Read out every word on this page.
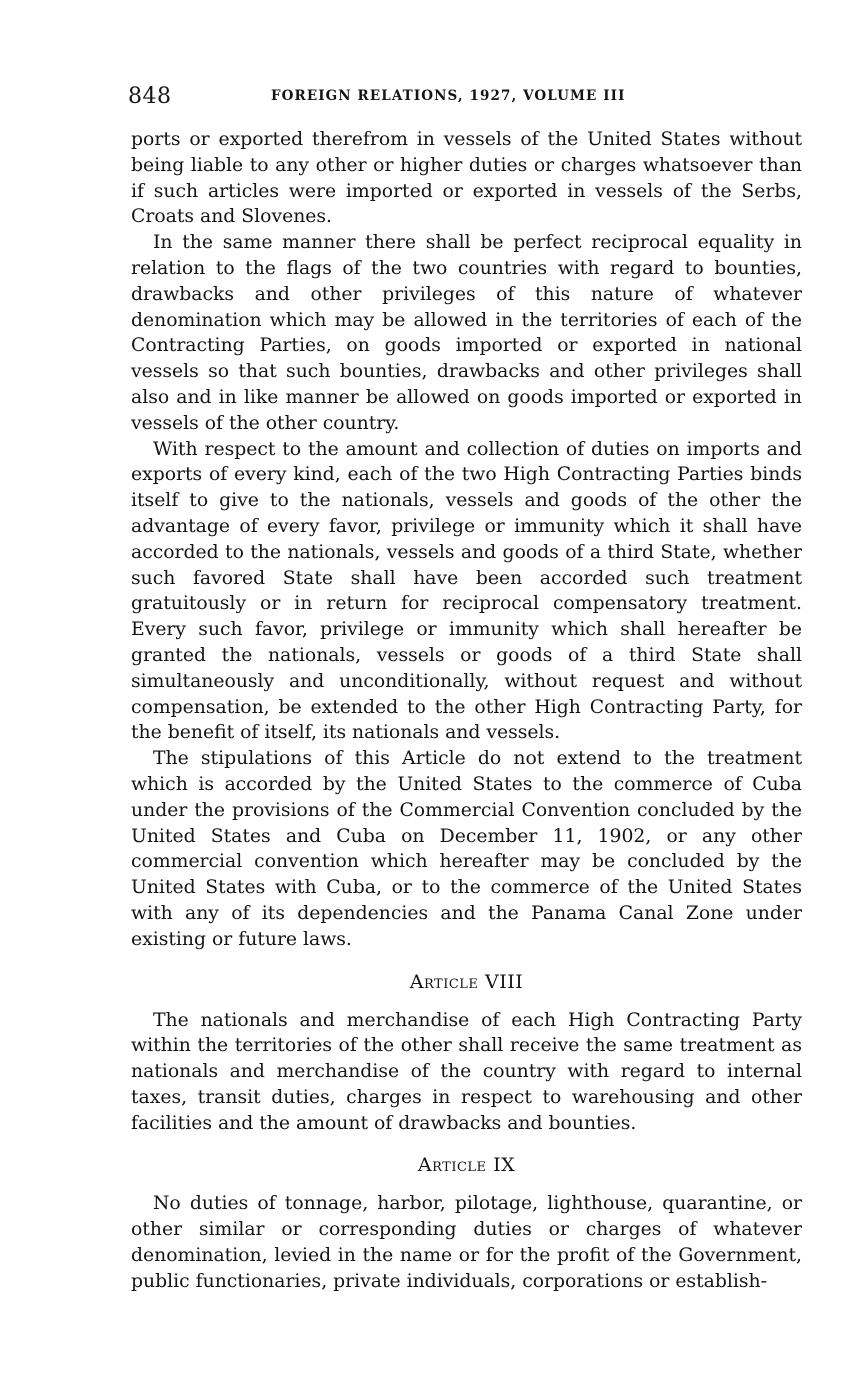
848	FOREIGN RELATIONS, 1927, VOLUME III

ports or exported therefrom in vessels of the United States without being liable to any other or higher duties or charges whatsoever than if such articles were imported or exported in vessels of the Serbs, Croats and Slovenes.

In the same manner there shall be perfect reciprocal equality in relation to the flags of the two countries with regard to bounties, drawbacks and other privileges of this nature of whatever denomination which may be allowed in the territories of each of the Contracting Parties, on goods imported or exported in national vessels so that such bounties, drawbacks and other privileges shall also and in like manner be allowed on goods imported or exported in vessels of the other country.

With respect to the amount and collection of duties on imports and exports of every kind, each of the two High Contracting Parties binds itself to give to the nationals, vessels and goods of the other the advantage of every favor, privilege or immunity which it shall have accorded to the nationals, vessels and goods of a third State, whether such favored State shall have been accorded such treatment gratuitously or in return for reciprocal compensatory treatment. Every such favor, privilege or immunity which shall hereafter be granted the nationals, vessels or goods of a third State shall simultaneously and unconditionally, without request and without compensation, be extended to the other High Contracting Party, for the benefit of itself, its nationals and vessels.

The stipulations of this Article do not extend to the treatment which is accorded by the United States to the commerce of Cuba under the provisions of the Commercial Convention concluded by the United States and Cuba on December 11, 1902, or any other commercial convention which hereafter may be concluded by the United States with Cuba, or to the commerce of the United States with any of its dependencies and the Panama Canal Zone under existing or future laws.

Article VIII

The nationals and merchandise of each High Contracting Party within the territories of the other shall receive the same treatment as nationals and merchandise of the country with regard to internal taxes, transit duties, charges in respect to warehousing and other facilities and the amount of drawbacks and bounties.

Article IX

No duties of tonnage, harbor, pilotage, lighthouse, quarantine, or other similar or corresponding duties or charges of whatever denomination, levied in the name or for the profit of the Government, public functionaries, private individuals, corporations or establish-
